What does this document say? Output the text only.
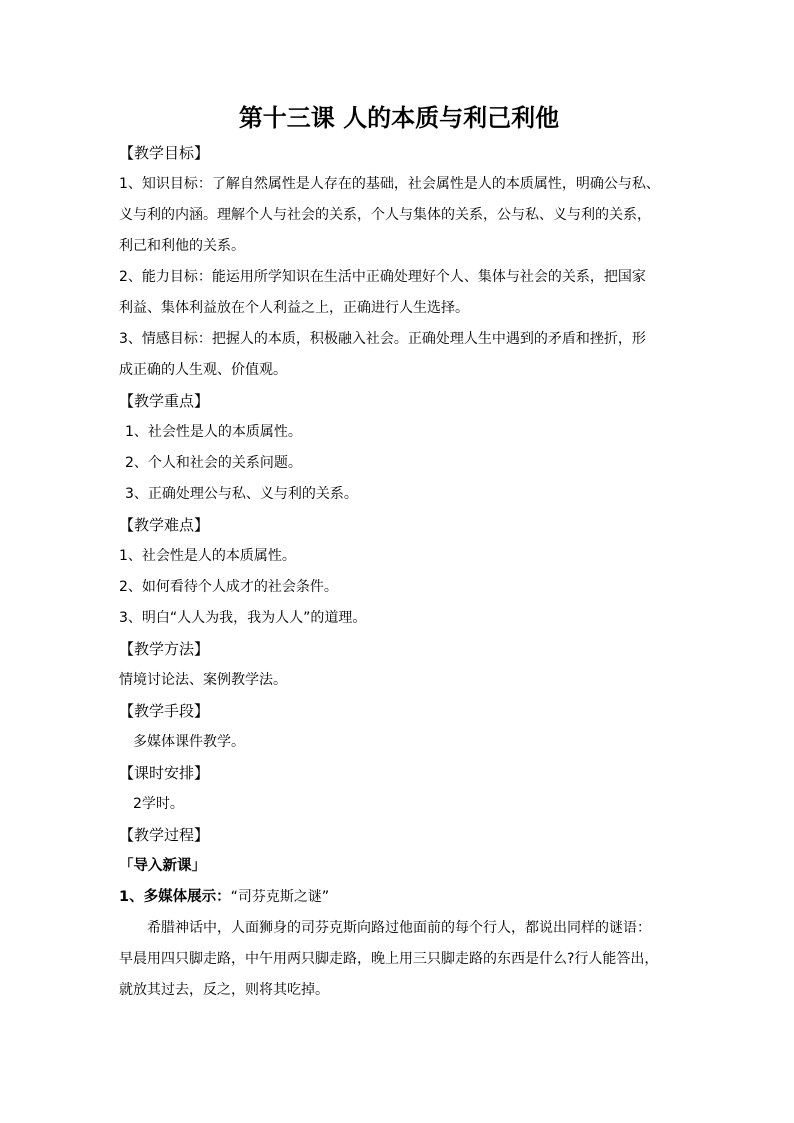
第十三课 人的本质与利己利他

【教学目标】

1、知识目标：了解自然属性是人存在的基础，社会属性是人的本质属性，明确公与私、

义与利的内涵。理解个人与社会的关系，个人与集体的关系，公与私、义与利的关系，

利己和利他的关系。

2、能力目标：能运用所学知识在生活中正确处理好个人、集体与社会的关系，把国家

利益、集体利益放在个人利益之上，正确进行人生选择。

3、情感目标：把握人的本质，积极融入社会。正确处理人生中遇到的矛盾和挫折，形

成正确的人生观、价值观。

【教学重点】

1、社会性是人的本质属性。

2、个人和社会的关系问题。

3、正确处理公与私、义与利的关系。

【教学难点】

1、社会性是人的本质属性。

2、如何看待个人成才的社会条件。

3、明白“人人为我，我为人人”的道理。

【教学方法】

情境讨论法、案例教学法。

【教学手段】

多媒体课件教学。

【课时安排】

2学时。

【教学过程】

「导入新课」

1、多媒体展示：“司芬克斯之谜”

希腊神话中，人面狮身的司芬克斯向路过他面前的每个行人，都说出同样的谜语：

早晨用四只脚走路，中午用两只脚走路，晚上用三只脚走路的东西是什么?行人能答出，

就放其过去，反之，则将其吃掉。
